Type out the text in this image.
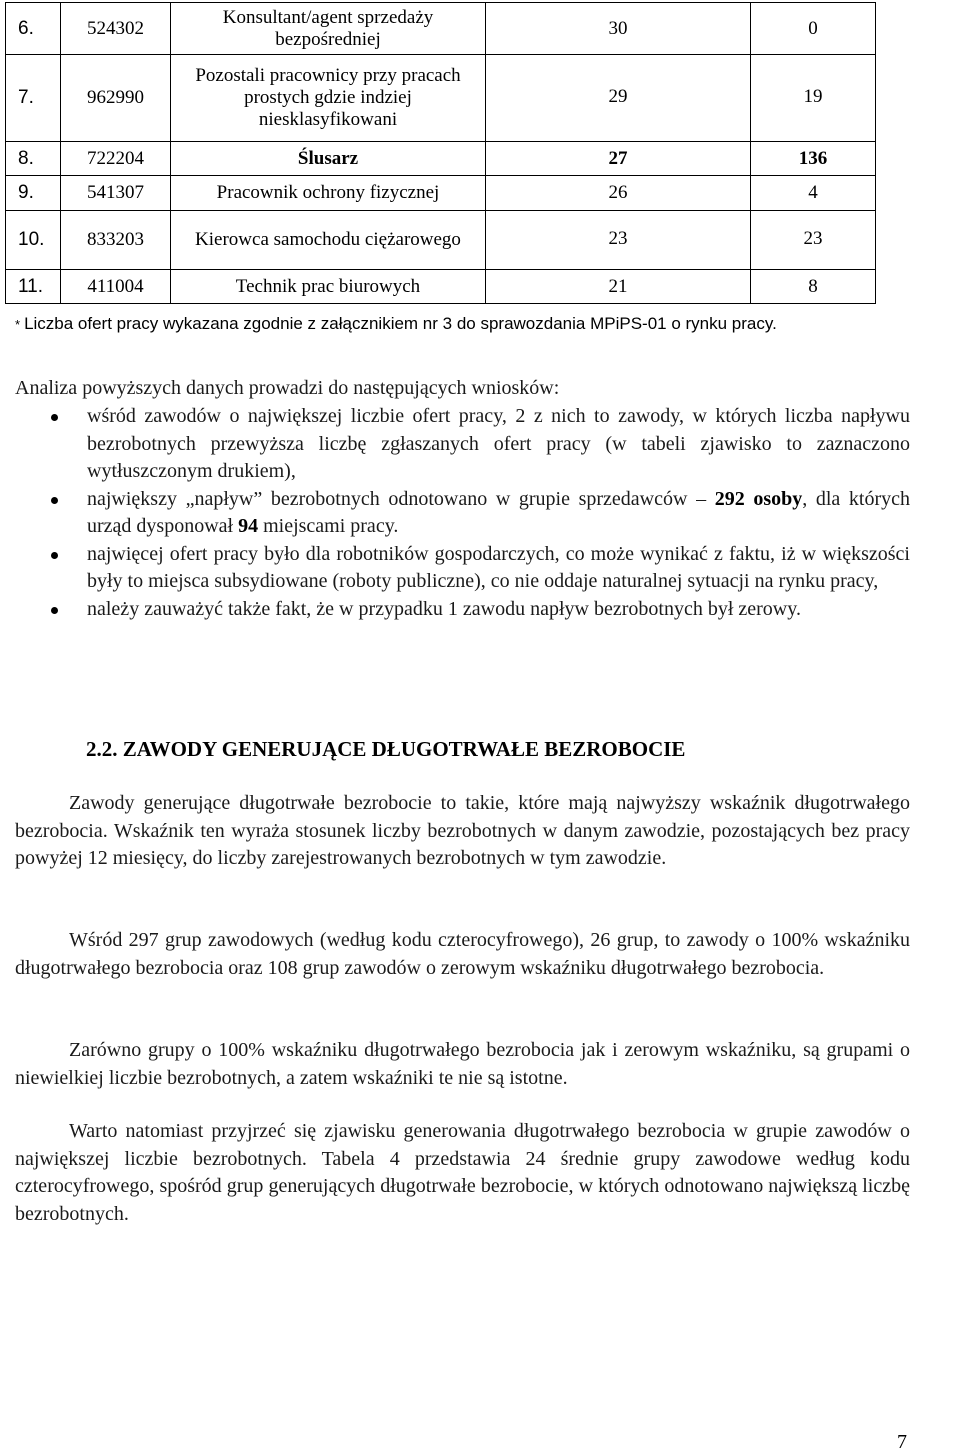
6.	524302	Konsultant/agent sprzedaży bezpośredniej	30	0
7.	962990	Pozostali pracownicy przy pracach prostych gdzie indziej niesklasyfikowani	29	19
8.	722204	Ślusarz	27	136
9.	541307	Pracownik ochrony fizycznej	26	4
10.	833203	Kierowca samochodu ciężarowego	23	23
11.	411004	Technik prac biurowych	21	8
* Liczba ofert pracy wykazana zgodnie z załącznikiem nr 3 do sprawozdania MPiPS-01 o rynku pracy.
Analiza powyższych danych prowadzi do następujących wniosków:
wśród zawodów o największej liczbie ofert pracy, 2 z nich to zawody, w których liczba napływu bezrobotnych przewyższa liczbę zgłaszanych ofert pracy (w tabeli zjawisko to zaznaczono wytłuszczonym drukiem),
największy „napływ” bezrobotnych odnotowano w grupie sprzedawców – 292 osoby, dla których urząd dysponował 94 miejscami pracy.
najwięcej ofert pracy było dla robotników gospodarczych, co może wynikać z faktu, iż w większości były to miejsca subsydiowane (roboty publiczne), co nie oddaje naturalnej sytuacji na rynku pracy,
należy zauważyć także fakt, że w przypadku 1 zawodu napływ bezrobotnych był zerowy.
2.2. ZAWODY GENERUJĄCE DŁUGOTRWAŁE BEZROBOCIE
Zawody generujące długotrwałe bezrobocie to takie, które mają najwyższy wskaźnik długotrwałego bezrobocia. Wskaźnik ten wyraża stosunek liczby bezrobotnych w danym zawodzie, pozostających bez pracy powyżej 12 miesięcy, do liczby zarejestrowanych bezrobotnych w tym zawodzie.
Wśród 297 grup zawodowych (według kodu czterocyfrowego), 26 grup, to zawody o 100% wskaźniku długotrwałego bezrobocia oraz 108 grup zawodów o zerowym wskaźniku długotrwałego bezrobocia.
Zarówno grupy o 100% wskaźniku długotrwałego bezrobocia jak i zerowym wskaźniku, są grupami o niewielkiej liczbie bezrobotnych, a zatem wskaźniki te nie są istotne.
Warto natomiast przyjrzeć się zjawisku generowania długotrwałego bezrobocia w grupie zawodów o największej liczbie bezrobotnych. Tabela 4 przedstawia 24 średnie grupy zawodowe według kodu czterocyfrowego, spośród grup generujących długotrwałe bezrobocie, w których odnotowano największą liczbę bezrobotnych.
7
